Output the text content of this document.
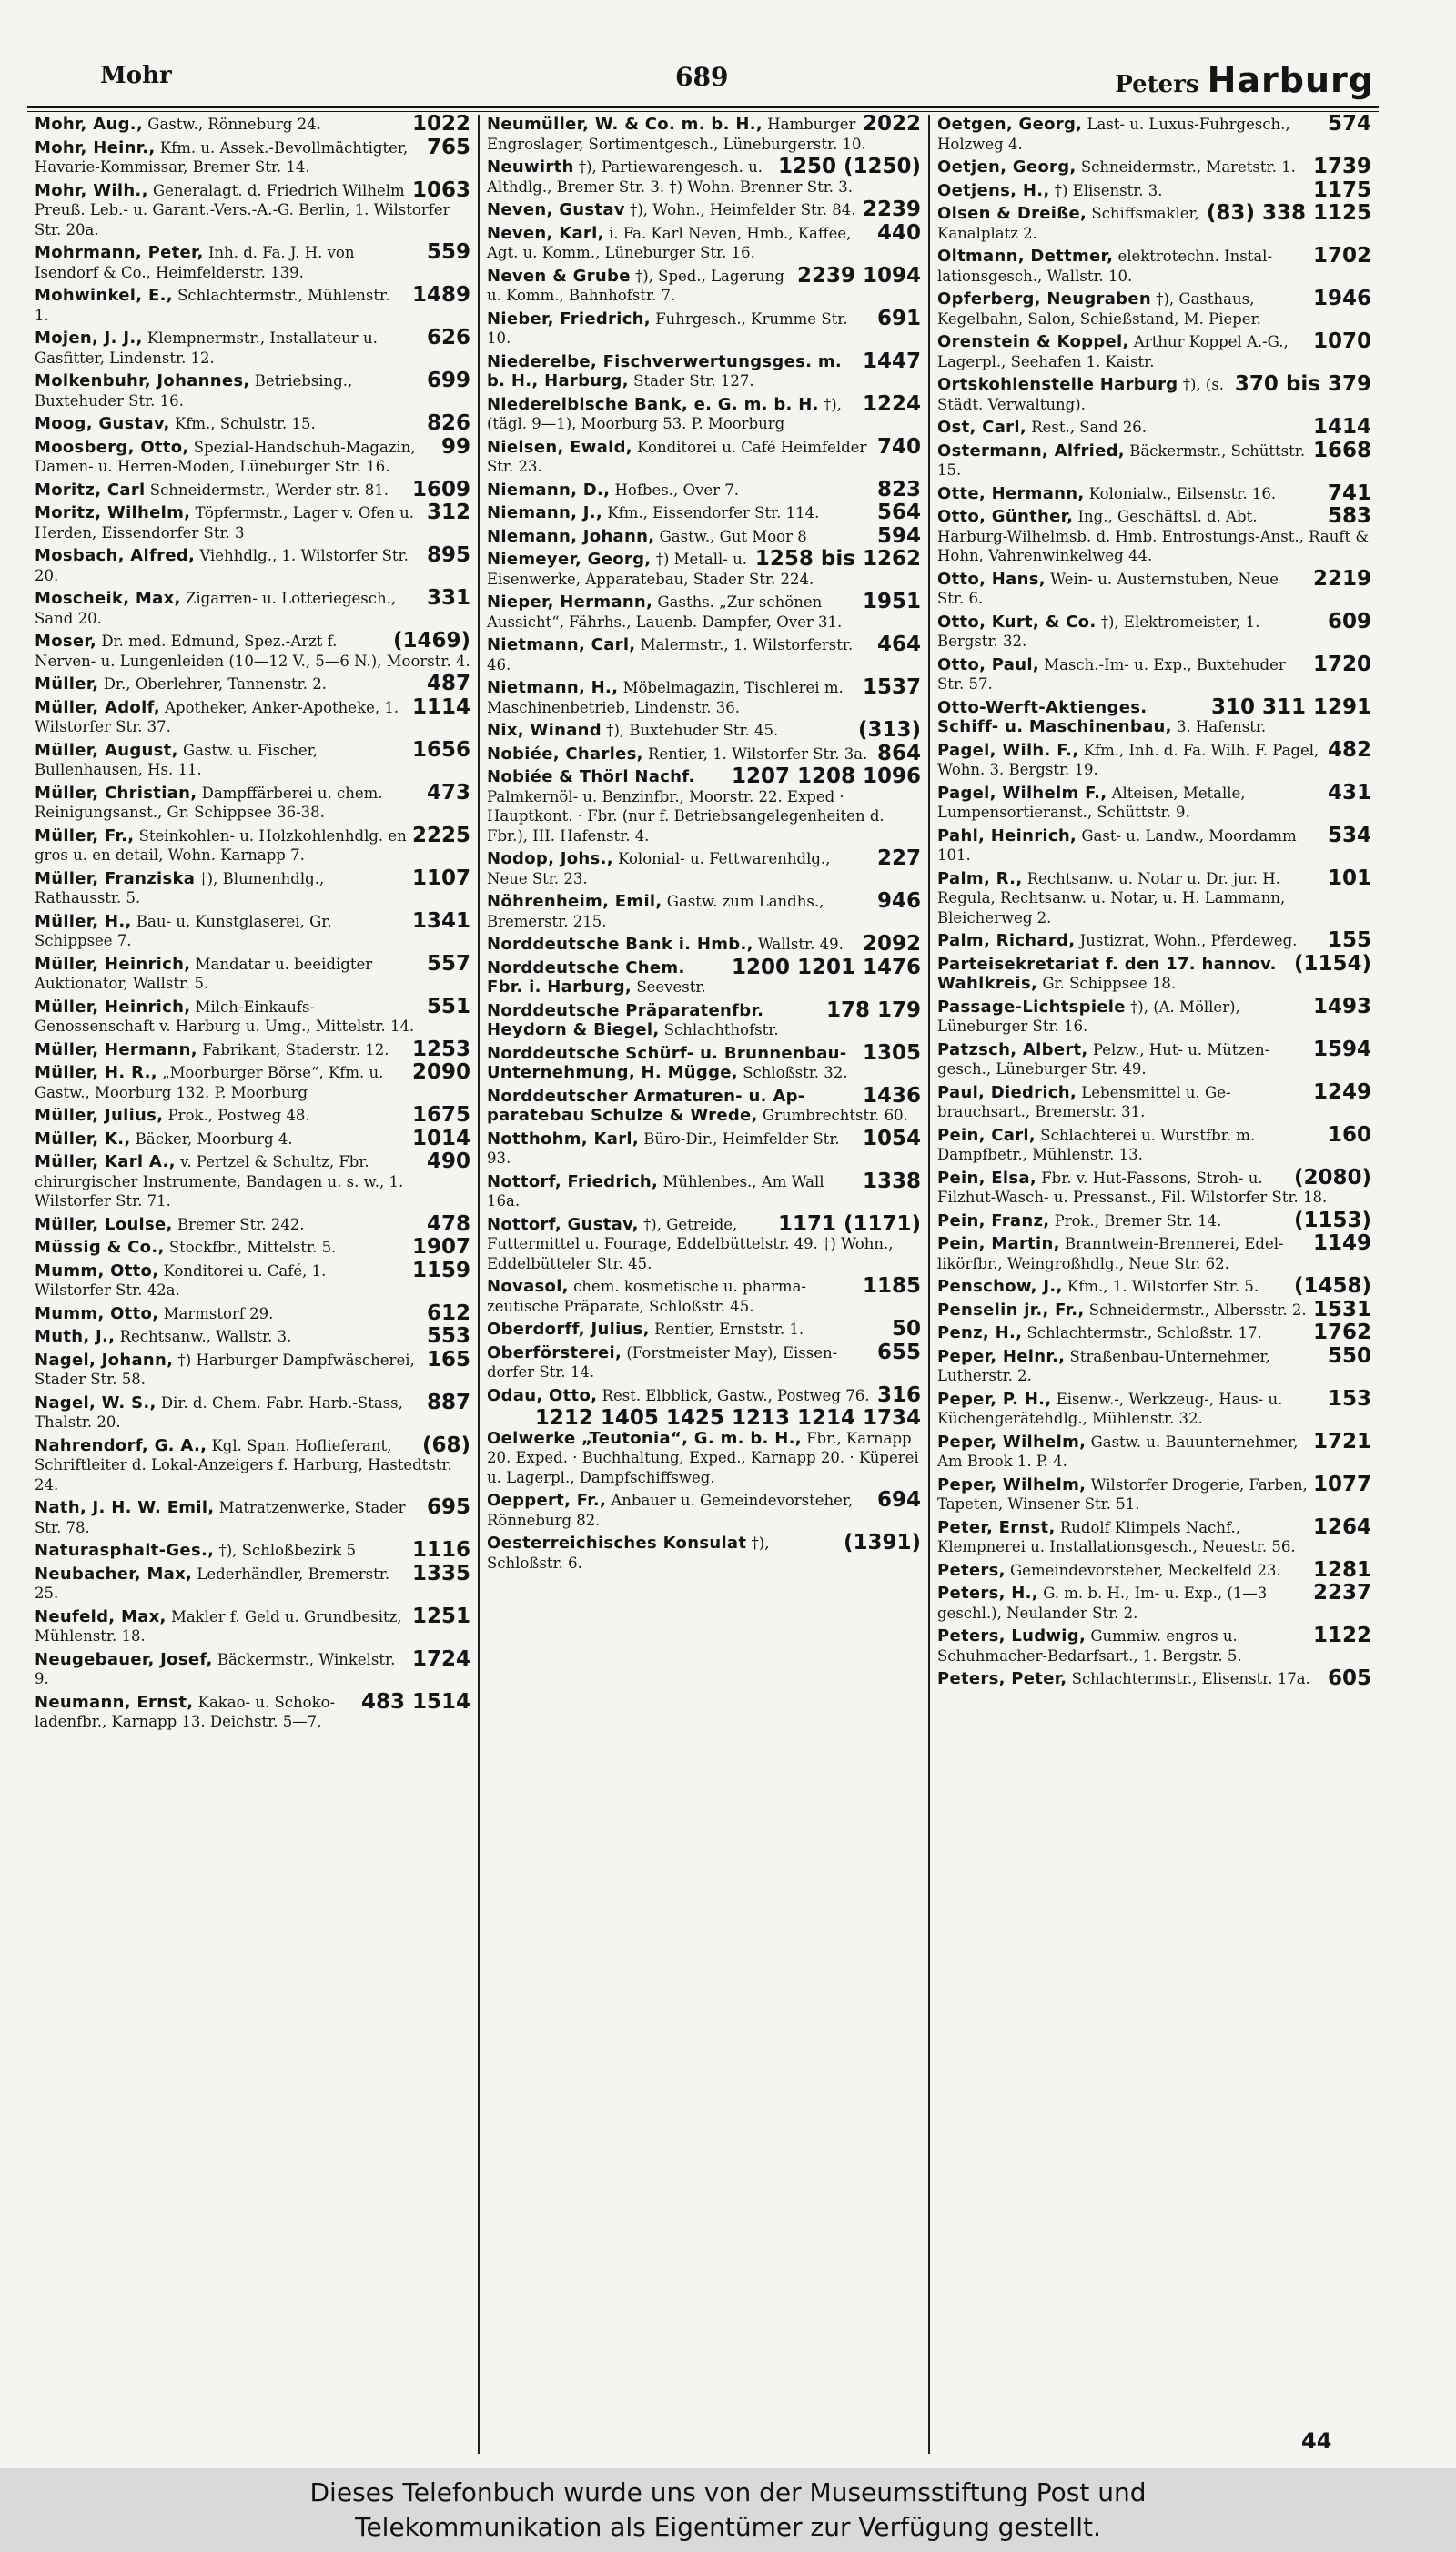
Mohr	689	Peters Harburg
1022
Mohr, Aug., Gastw., Rönneburg 24.
765
Mohr, Heinr., Kfm. u. Assek.-Bevollmächtigter, Havarie-Kommissar, Bremer Str. 14.
1063
Mohr, Wilh., Generalagt. d. Friedrich Wilhelm Preuß. Leb.- u. Garant.-Vers.-A.-G. Berlin, 1. Wilstorfer Str. 20a.
559
Mohrmann, Peter, Inh. d. Fa. J. H. von Isendorf & Co., Heimfelderstr. 139.
1489
Mohwinkel, E., Schlachtermstr., Mühlenstr. 1.
626
Mojen, J. J., Klempnermstr., Installateur u. Gasfitter, Lindenstr. 12.
699
Molkenbuhr, Johannes, Betriebsing., Buxtehuder Str. 16.
826
Moog, Gustav, Kfm., Schulstr. 15.
99
Moosberg, Otto, Spezial-Handschuh-Magazin, Damen- u. Herren-Moden, Lüneburger Str. 16.
1609
Moritz, Carl Schneidermstr., Werder str. 81.
312
Moritz, Wilhelm, Töpfermstr., Lager v. Ofen u. Herden, Eissendorfer Str. 3
895
Mosbach, Alfred, Viehhdlg., 1. Wilstorfer Str. 20.
331
Moscheik, Max, Zigarren- u. Lotteriegesch., Sand 20.
(1469)
Moser, Dr. med. Edmund, Spez.-Arzt f. Nerven- u. Lungenleiden (10—12 V., 5—6 N.), Moorstr. 4.
487
Müller, Dr., Oberlehrer, Tannenstr. 2.
1114
Müller, Adolf, Apotheker, Anker-Apotheke, 1. Wilstorfer Str. 37.
1656
Müller, August, Gastw. u. Fischer, Bullenhausen, Hs. 11.
473
Müller, Christian, Dampffärberei u. chem. Reinigungsanst., Gr. Schippsee 36-38.
2225
Müller, Fr., Steinkohlen- u. Holzkohlenhdlg. en gros u. en detail, Wohn. Karnapp 7.
1107
Müller, Franziska †), Blumenhdlg., Rathausstr. 5.
1341
Müller, H., Bau- u. Kunstglaserei, Gr. Schippsee 7.
557
Müller, Heinrich, Mandatar u. beeidigter Auktionator, Wallstr. 5.
551
Müller, Heinrich, Milch-Einkaufs-Genossenschaft v. Harburg u. Umg., Mittelstr. 14.
1253
Müller, Hermann, Fabrikant, Staderstr. 12.
2090
Müller, H. R., „Moorburger Börse“, Kfm. u. Gastw., Moorburg 132. P. Moorburg
1675
Müller, Julius, Prok., Postweg 48.
1014
Müller, K., Bäcker, Moorburg 4.
490
Müller, Karl A., v. Pertzel & Schultz, Fbr. chirurgischer Instrumente, Bandagen u. s. w., 1. Wilstorfer Str. 71.
478
Müller, Louise, Bremer Str. 242.
1907
Müssig & Co., Stockfbr., Mittelstr. 5.
1159
Mumm, Otto, Konditorei u. Café, 1. Wilstorfer Str. 42a.
612
Mumm, Otto, Marmstorf 29.
553
Muth, J., Rechtsanw., Wallstr. 3.
165
Nagel, Johann, †) Harburger Dampfwäscherei, Stader Str. 58.
887
Nagel, W. S., Dir. d. Chem. Fabr. Harb.-Stass, Thalstr. 20.
(68)
Nahrendorf, G. A., Kgl. Span. Hoflieferant, Schriftleiter d. Lokal-Anzeigers f. Harburg, Hastedtstr. 24.
695
Nath, J. H. W. Emil, Matratzenwerke, Stader Str. 78.
1116
Naturasphalt-Ges., †), Schloßbezirk 5
1335
Neubacher, Max, Lederhändler, Bremerstr. 25.
1251
Neufeld, Max, Makler f. Geld u. Grundbesitz, Mühlenstr. 18.
1724
Neugebauer, Josef, Bäckermstr., Winkelstr. 9.
483 1514
Neumann, Ernst, Kakao- u. Schokoladenfbr., Karnapp 13. Deichstr. 5—7,
2022
Neumüller, W. & Co. m. b. H., Hamburger Engroslager, Sortimentgesch., Lüneburgerstr. 10.
1250 (1250)
Neuwirth †), Partiewarengesch. u. Althdlg., Bremer Str. 3. †) Wohn. Brenner Str. 3.
2239
Neven, Gustav †), Wohn., Heimfelder Str. 84.
440
Neven, Karl, i. Fa. Karl Neven, Hmb., Kaffee, Agt. u. Komm., Lüneburger Str. 16.
2239 1094
Neven & Grube †), Sped., Lagerung u. Komm., Bahnhofstr. 7.
691
Nieber, Friedrich, Fuhrgesch., Krumme Str. 10.
1447
Niederelbe, Fischverwertungsges. m. b. H., Harburg, Stader Str. 127.
1224
Niederelbische Bank, e. G. m. b. H. †), (tägl. 9—1), Moorburg 53. P. Moorburg
740
Nielsen, Ewald, Konditorei u. Café Heimfelder Str. 23.
823
Niemann, D., Hofbes., Over 7.
564
Niemann, J., Kfm., Eissendorfer Str. 114.
594
Niemann, Johann, Gastw., Gut Moor 8
1258 bis 1262
Niemeyer, Georg, †) Metall- u. Eisenwerke, Apparatebau, Stader Str. 224.
1951
Nieper, Hermann, Gasths. „Zur schönen Aussicht“, Fährhs., Lauenb. Dampfer, Over 31.
464
Nietmann, Carl, Malermstr., 1. Wilstorferstr. 46.
1537
Nietmann, H., Möbelmagazin, Tischlerei m. Maschinenbetrieb, Lindenstr. 36.
(313)
Nix, Winand †), Buxtehuder Str. 45.
864
Nobiée, Charles, Rentier, 1. Wilstorfer Str. 3a.
1207 1208 1096
Nobiée & Thörl Nachf. Palmkernöl- u. Benzinfbr., Moorstr. 22. Exped · Hauptkont. · Fbr. (nur f. Betriebsangelegenheiten d. Fbr.), III. Hafenstr. 4.
227
Nodop, Johs., Kolonial- u. Fettwarenhdlg., Neue Str. 23.
946
Nöhrenheim, Emil, Gastw. zum Landhs., Bremerstr. 215.
2092
Norddeutsche Bank i. Hmb., Wallstr. 49.
1200 1201 1476
Norddeutsche Chem. Fbr. i. Harburg, Seevestr.
178 179
Norddeutsche Präparatenfbr. Heydorn & Biegel, Schlachthofstr.
1305
Norddeutsche Schürf- u. Brunnenbau-Unternehmung, H. Mügge, Schloßstr. 32.
1436
Norddeutscher Armaturen- u. Apparatebau Schulze & Wrede, Grumbrechtstr. 60.
1054
Notthohm, Karl, Büro-Dir., Heimfelder Str. 93.
1338
Nottorf, Friedrich, Mühlenbes., Am Wall 16a.
1171 (1171)
Nottorf, Gustav, †), Getreide, Futtermittel u. Fourage, Eddelbüttelstr. 49. †) Wohn., Eddelbütteler Str. 45.
1185
Novasol, chem. kosmetische u. pharmazeutische Präparate, Schloßstr. 45.
50
Oberdorff, Julius, Rentier, Ernststr. 1.
655
Oberförsterei, (Forstmeister May), Eissendorfer Str. 14.
316
Odau, Otto, Rest. Elbblick, Gastw., Postweg 76.
1212 1405 1425 1213 1214 1734
Oelwerke „Teutonia“, G. m. b. H., Fbr., Karnapp 20. Exped. · Buchhaltung, Exped., Karnapp 20. · Küperei u. Lagerpl., Dampfschiffsweg.
694
Oeppert, Fr., Anbauer u. Gemeindevorsteher, Rönneburg 82.
(1391)
Oesterreichisches Konsulat †), Schloßstr. 6.
574
Oetgen, Georg, Last- u. Luxus-Fuhrgesch., Holzweg 4.
1739
Oetjen, Georg, Schneidermstr., Maretstr. 1.
1175
Oetjens, H., †) Elisenstr. 3.
(83) 338 1125
Olsen & Dreiße, Schiffsmakler, Kanalplatz 2.
1702
Oltmann, Dettmer, elektrotechn. Installationsgesch., Wallstr. 10.
1946
Opferberg, Neugraben †), Gasthaus, Kegelbahn, Salon, Schießstand, M. Pieper.
1070
Orenstein & Koppel, Arthur Koppel A.-G., Lagerpl., Seehafen 1. Kaistr.
370 bis 379
Ortskohlenstelle Harburg †), (s. Städt. Verwaltung).
1414
Ost, Carl, Rest., Sand 26.
1668
Ostermann, Alfried, Bäckermstr., Schüttstr. 15.
741
Otte, Hermann, Kolonialw., Eilsenstr. 16.
583
Otto, Günther, Ing., Geschäftsl. d. Abt. Harburg-Wilhelmsb. d. Hmb. Entrostungs-Anst., Rauft & Hohn, Vahrenwinkelweg 44.
2219
Otto, Hans, Wein- u. Austernstuben, Neue Str. 6.
609
Otto, Kurt, & Co. †), Elektromeister, 1. Bergstr. 32.
1720
Otto, Paul, Masch.-Im- u. Exp., Buxtehuder Str. 57.
310 311 1291
Otto-Werft-Aktienges. Schiff- u. Maschinenbau, 3. Hafenstr.
482
Pagel, Wilh. F., Kfm., Inh. d. Fa. Wilh. F. Pagel, Wohn. 3. Bergstr. 19.
431
Pagel, Wilhelm F., Alteisen, Metalle, Lumpensortieranst., Schüttstr. 9.
534
Pahl, Heinrich, Gast- u. Landw., Moordamm 101.
101
Palm, R., Rechtsanw. u. Notar u. Dr. jur. H. Regula, Rechtsanw. u. Notar, u. H. Lammann, Bleicherweg 2.
155
Palm, Richard, Justizrat, Wohn., Pferdeweg.
(1154)
Parteisekretariat f. den 17. hannov. Wahlkreis, Gr. Schippsee 18.
1493
Passage-Lichtspiele †), (A. Möller), Lüneburger Str. 16.
1594
Patzsch, Albert, Pelzw., Hut- u. Mützengesch., Lüneburger Str. 49.
1249
Paul, Diedrich, Lebensmittel u. Gebrauchsart., Bremerstr. 31.
160
Pein, Carl, Schlachterei u. Wurstfbr. m. Dampfbetr., Mühlenstr. 13.
(2080)
Pein, Elsa, Fbr. v. Hut-Fassons, Stroh- u. Filzhut-Wasch- u. Pressanst., Fil. Wilstorfer Str. 18.
(1153)
Pein, Franz, Prok., Bremer Str. 14.
1149
Pein, Martin, Branntwein-Brennerei, Edellikörfbr., Weingroßhdlg., Neue Str. 62.
(1458)
Penschow, J., Kfm., 1. Wilstorfer Str. 5.
1531
Penselin jr., Fr., Schneidermstr., Albersstr. 2.
1762
Penz, H., Schlachtermstr., Schloßstr. 17.
550
Peper, Heinr., Straßenbau-Unternehmer, Lutherstr. 2.
153
Peper, P. H., Eisenw.-, Werkzeug-, Haus- u. Küchengerätehdlg., Mühlenstr. 32.
1721
Peper, Wilhelm, Gastw. u. Bauunternehmer, Am Brook 1. P. 4.
1077
Peper, Wilhelm, Wilstorfer Drogerie, Farben, Tapeten, Winsener Str. 51.
1264
Peter, Ernst, Rudolf Klimpels Nachf., Klempnerei u. Installationsgesch., Neuestr. 56.
1281
Peters, Gemeindevorsteher, Meckelfeld 23.
2237
Peters, H., G. m. b. H., Im- u. Exp., (1—3 geschl.), Neulander Str. 2.
1122
Peters, Ludwig, Gummiw. engros u. Schuhmacher-Bedarfsart., 1. Bergstr. 5.
605
Peters, Peter, Schlachtermstr., Elisenstr. 17a.
44
Dieses Telefonbuch wurde uns von der Museumsstiftung Post und
Telekommunikation als Eigentümer zur Verfügung gestellt.
